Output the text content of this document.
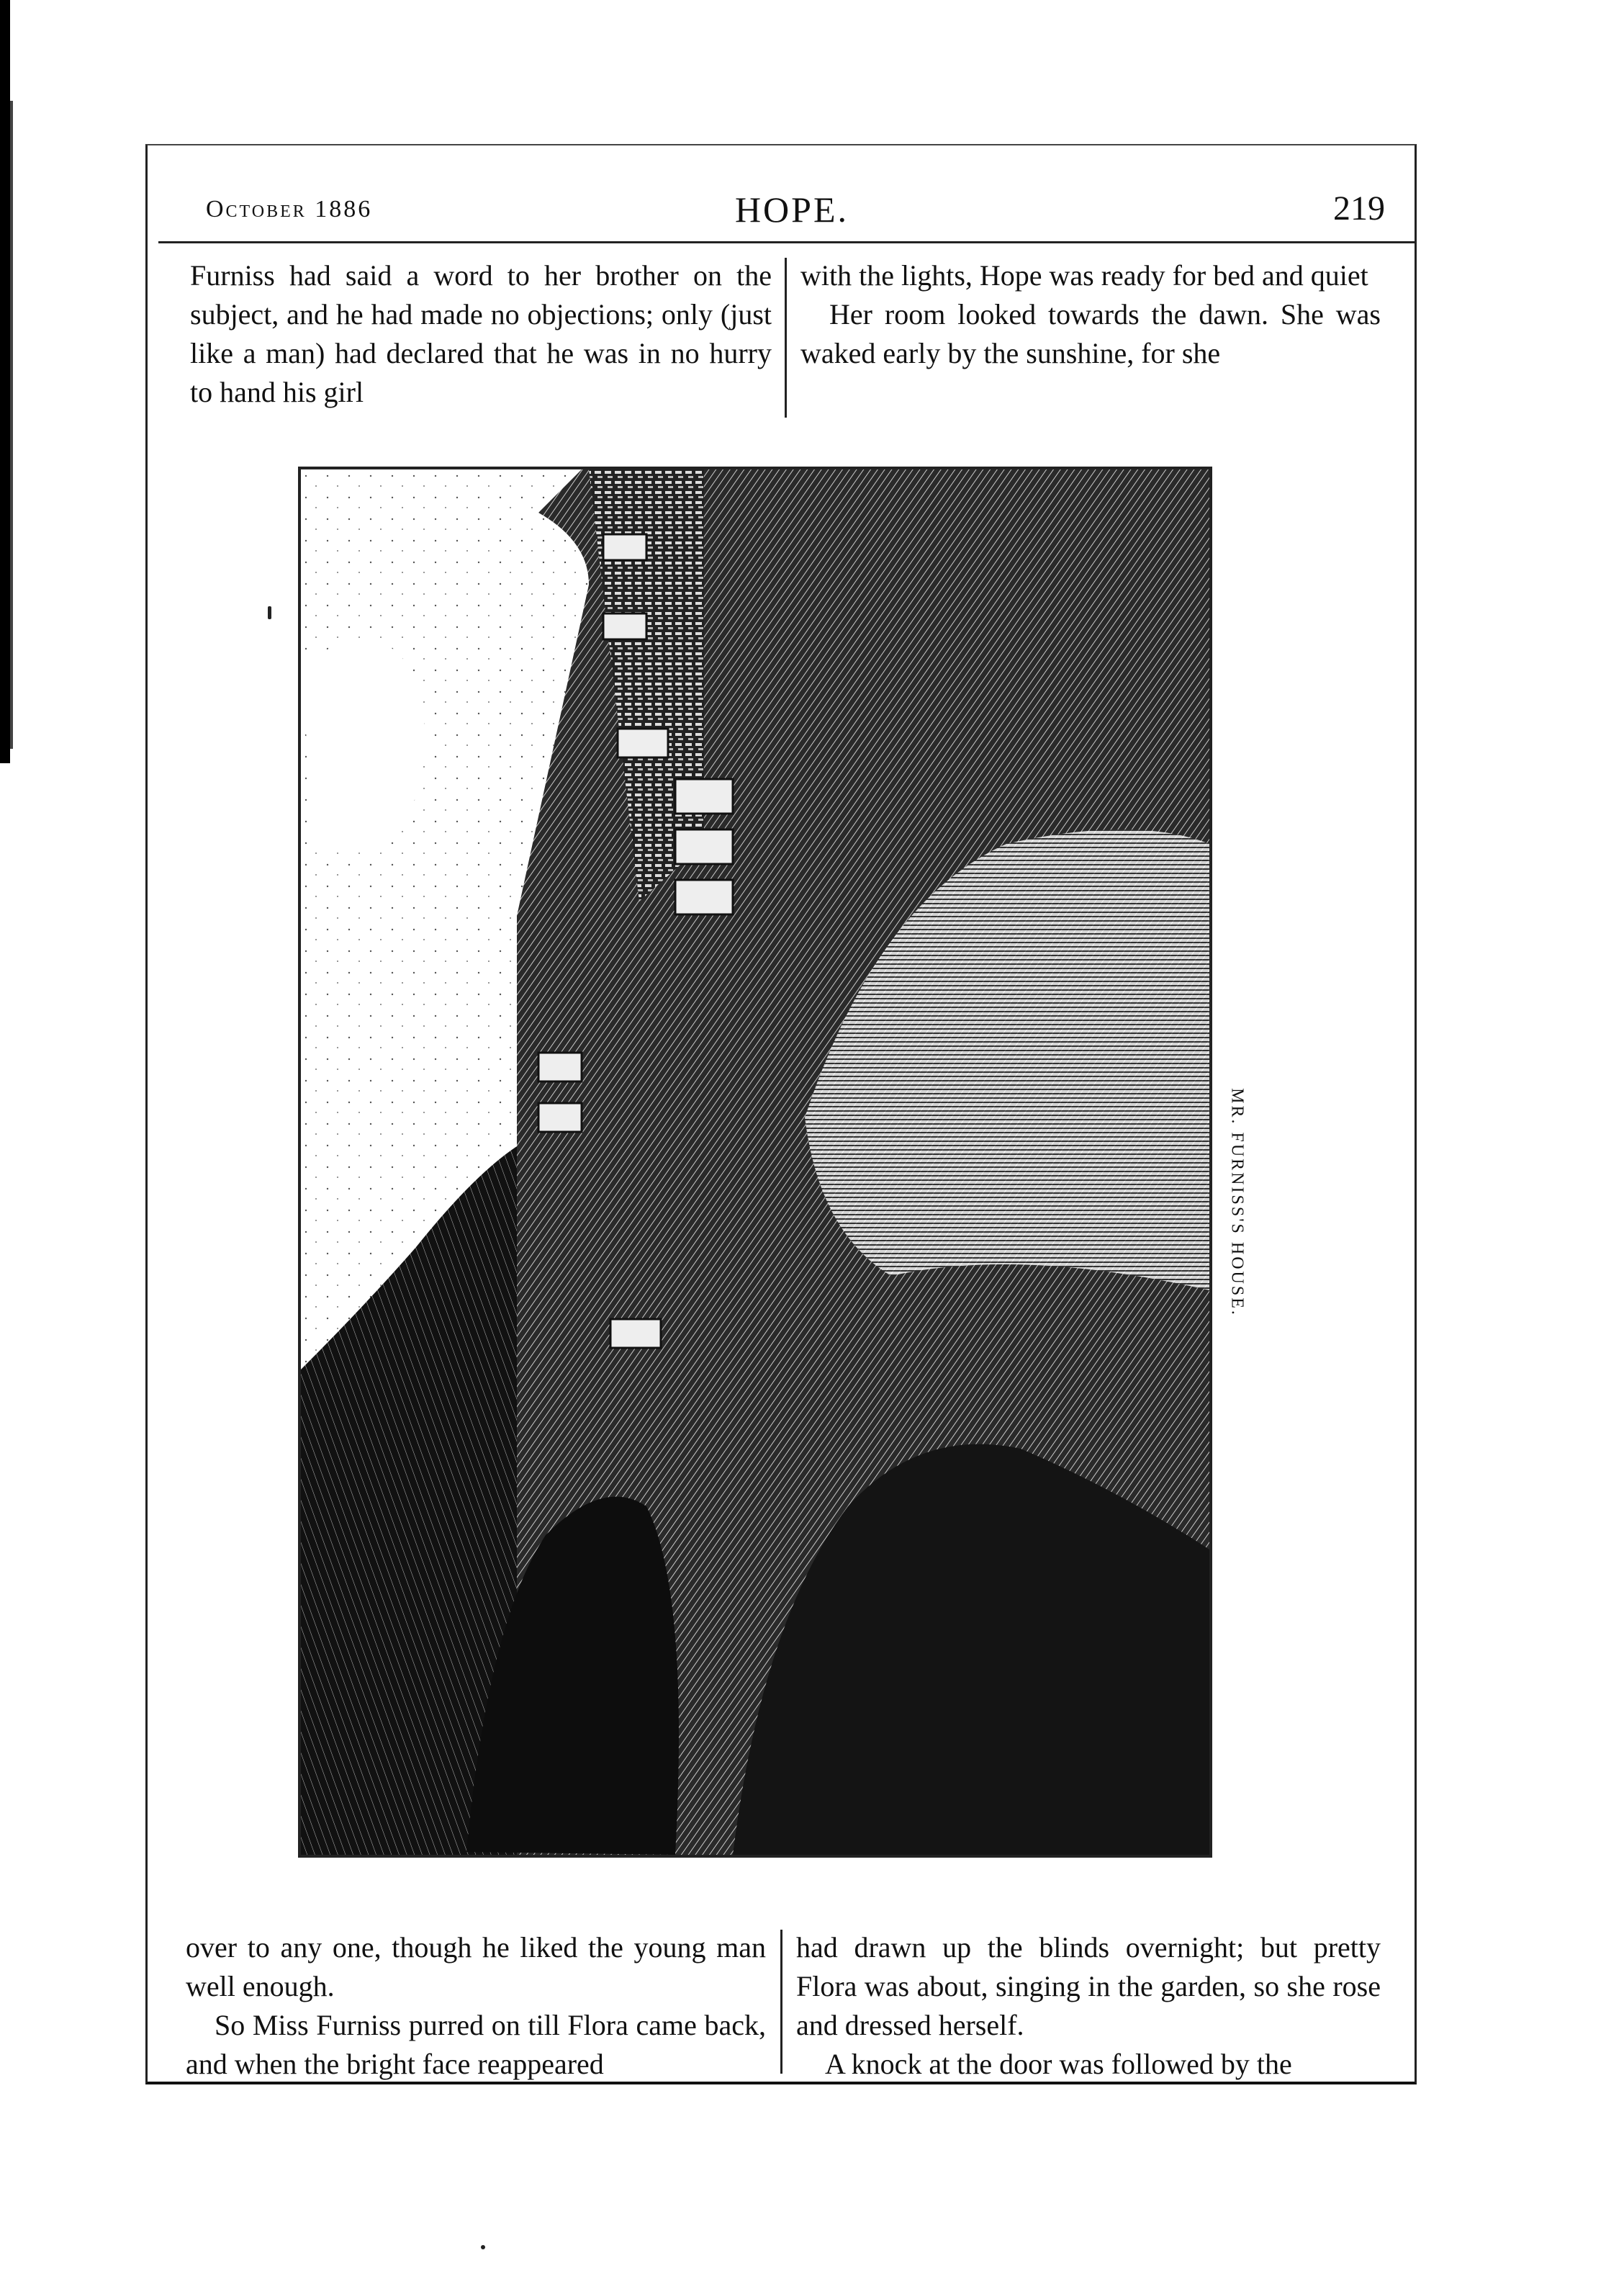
October 1886	HOPE.	219

Furniss had said a word to her brother on the subject, and he had made no objections; only (just like a man) had declared that he was in no hurry to hand his girl

with the lights, Hope was ready for bed and quiet

Her room looked towards the dawn. She was waked early by the sunshine, for she

MR. FURNISS'S HOUSE.

over to any one, though he liked the young man well enough.

So Miss Furniss purred on till Flora came back, and when the bright face reappeared

had drawn up the blinds overnight; but pretty Flora was about, singing in the garden, so she rose and dressed herself.

A knock at the door was followed by the
